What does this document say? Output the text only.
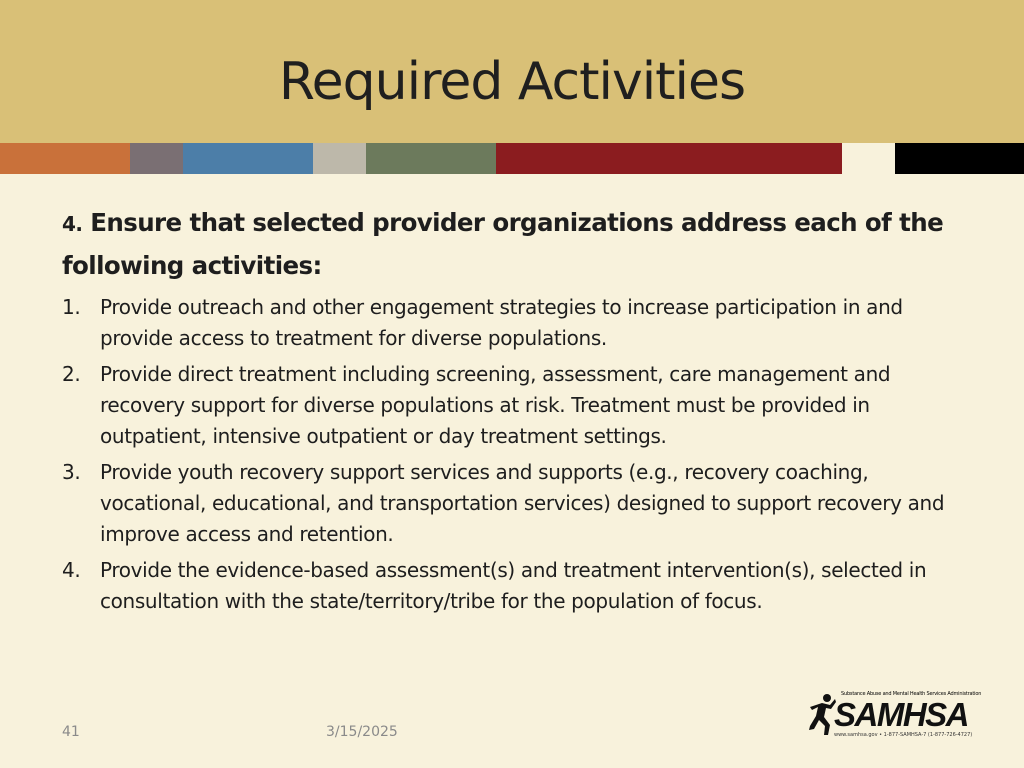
Required Activities
4. Ensure that selected provider organizations address each of the following activities:
1. Provide outreach and other engagement strategies to increase participation in and provide access to treatment for diverse populations.
2. Provide direct treatment including screening, assessment, care management and recovery support for diverse populations at risk. Treatment must be provided in outpatient, intensive outpatient or day treatment settings.
3. Provide youth recovery support services and supports (e.g., recovery coaching, vocational, educational, and transportation services) designed to support recovery and improve access and retention.
4. Provide the evidence-based assessment(s) and treatment intervention(s), selected in consultation with the state/territory/tribe for the population of focus.
41	3/15/2025
Substance Abuse and Mental Health Services Administration
SAMHSA
www.samhsa.gov • 1-877-SAMHSA-7 (1-877-726-4727)
